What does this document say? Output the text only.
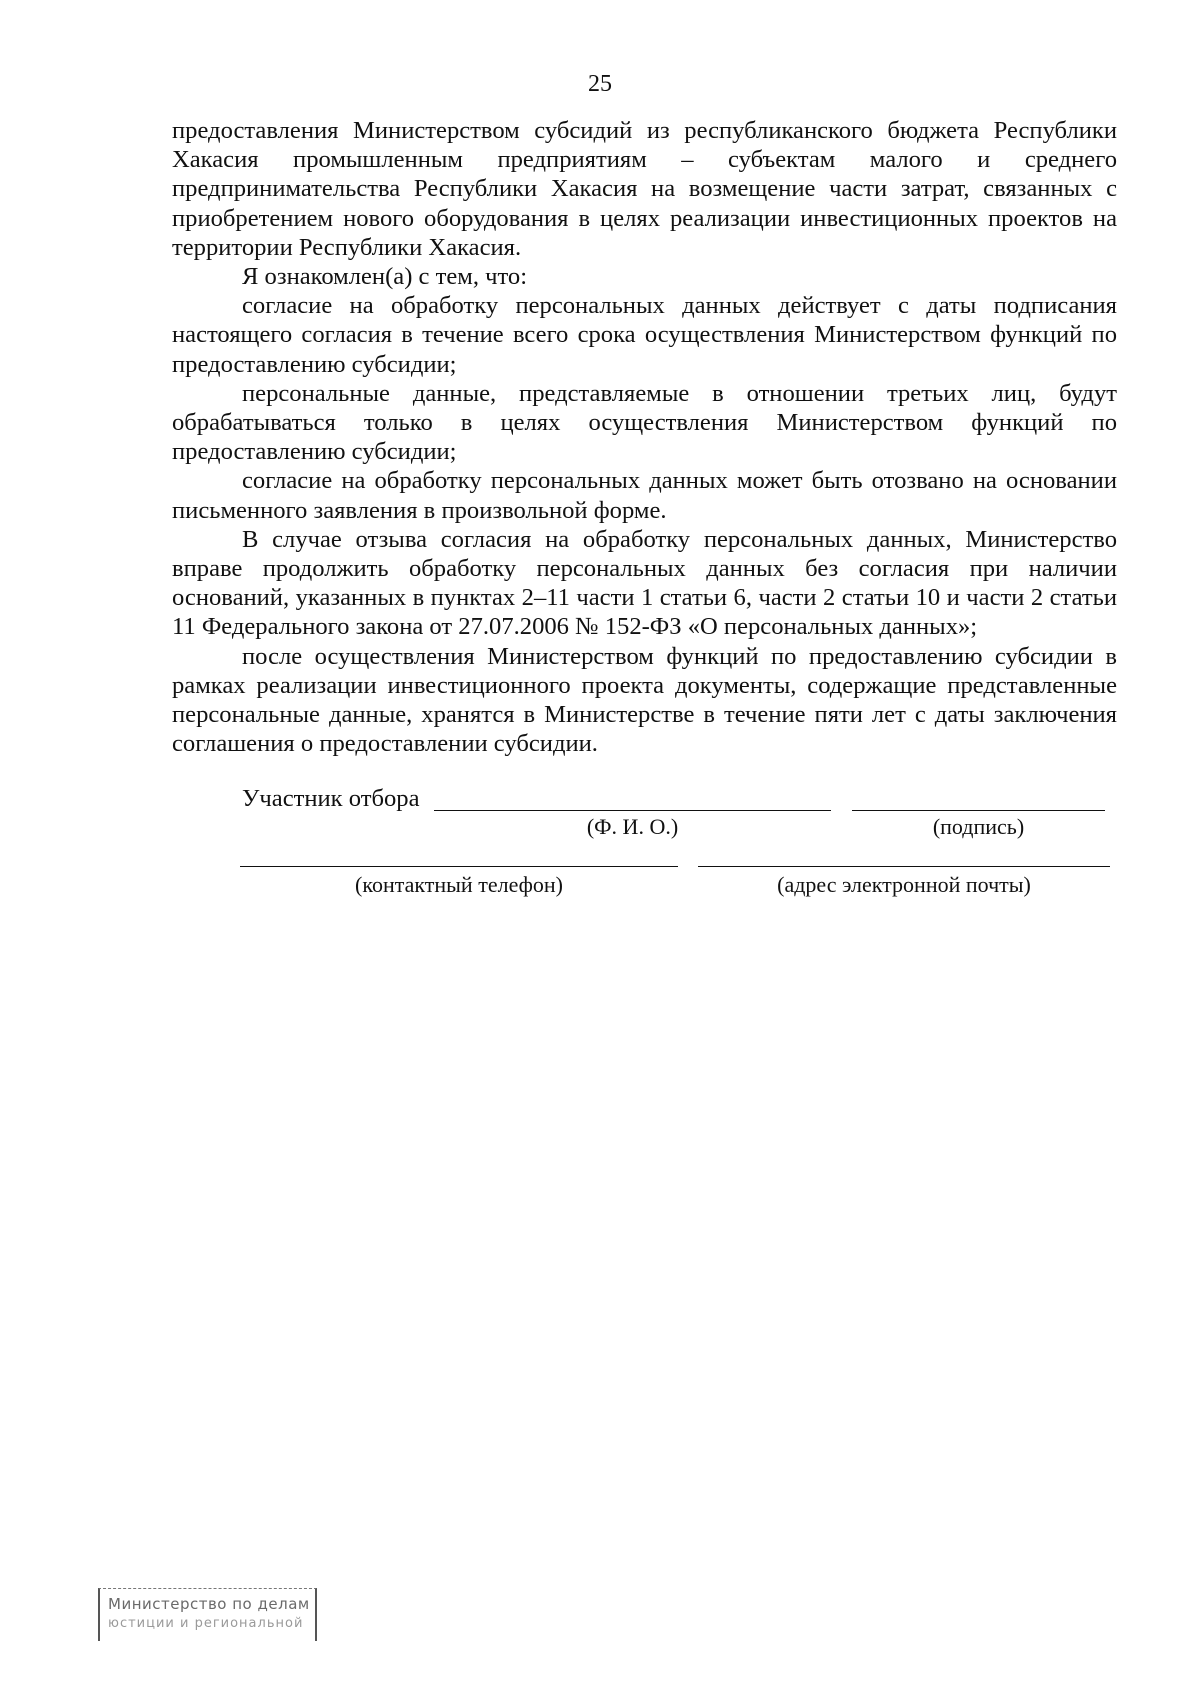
25

предоставления Министерством субсидий из республиканского бюджета Республики Хакасия промышленным предприятиям – субъектам малого и среднего предпринимательства Республики Хакасия на возмещение части затрат, связанных с приобретением нового оборудования в целях реализации инвестиционных проектов на территории Республики Хакасия.

Я ознакомлен(а) с тем, что:

согласие на обработку персональных данных действует с даты подписания настоящего согласия в течение всего срока осуществления Министерством функций по предоставлению субсидии;

персональные данные, представляемые в отношении третьих лиц, будут обрабатываться только в целях осуществления Министерством функций по предоставлению субсидии;

согласие на обработку персональных данных может быть отозвано на основании письменного заявления в произвольной форме.

В случае отзыва согласия на обработку персональных данных, Министерство вправе продолжить обработку персональных данных без согласия при наличии оснований, указанных в пунктах 2–11 части 1 статьи 6, части 2 статьи 10 и части 2 статьи 11 Федерального закона от 27.07.2006 № 152-ФЗ «О персональных данных»;

после осуществления Министерством функций по предоставлению субсидии в рамках реализации инвестиционного проекта документы, содержащие представленные персональные данные, хранятся в Министерстве в течение пяти лет с даты заключения соглашения о предоставлении субсидии.

Участник отбора
(Ф. И. О.)	(подпись)
(контактный телефон)	(адрес электронной почты)
Министерство по делам
юстиции и региональной
